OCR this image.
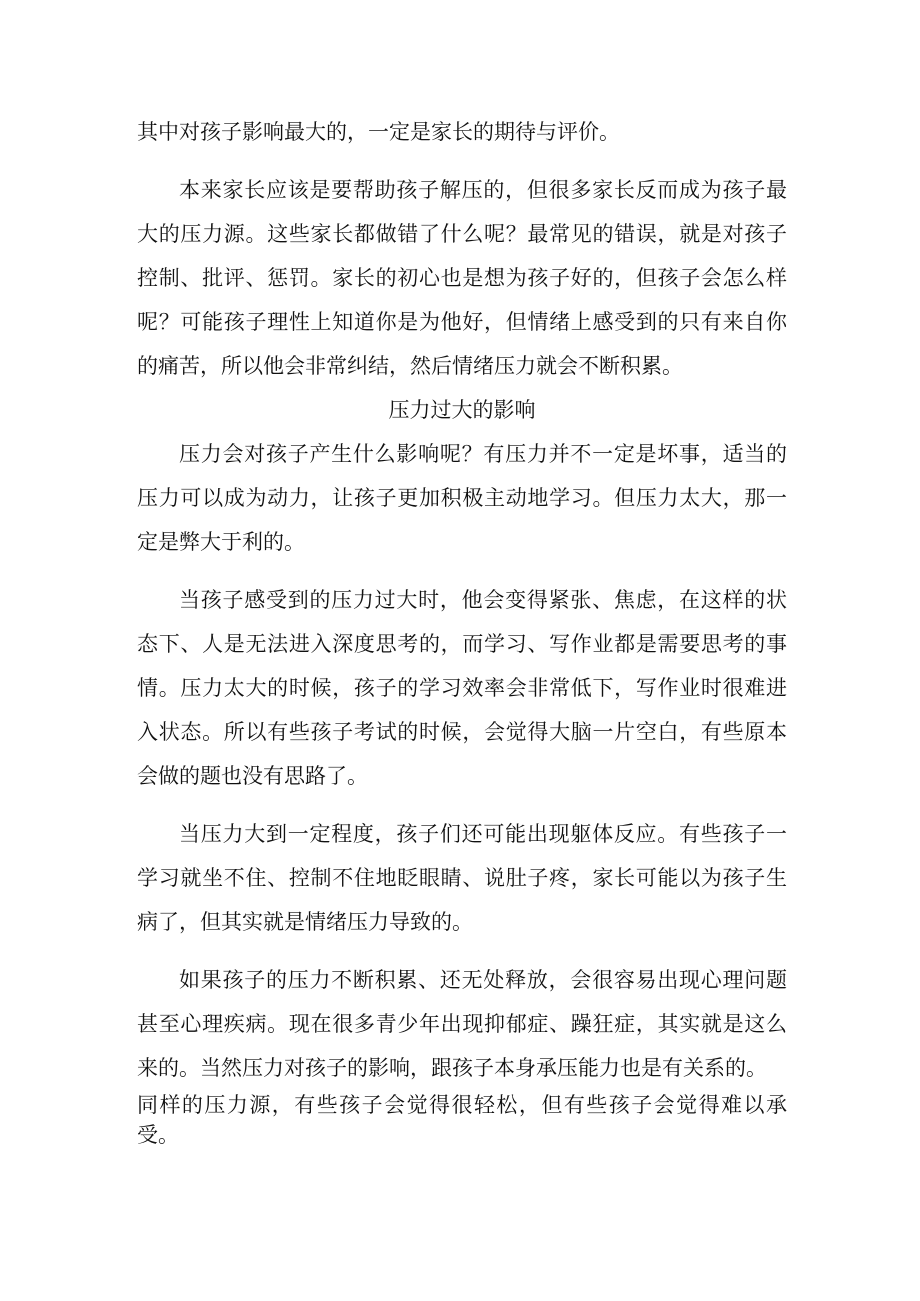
其中对孩子影响最大的，一定是家长的期待与评价。

本来家长应该是要帮助孩子解压的，但很多家长反而成为孩子最大的压力源。这些家长都做错了什么呢？最常见的错误，就是对孩子控制、批评、惩罚。家长的初心也是想为孩子好的，但孩子会怎么样呢？可能孩子理性上知道你是为他好，但情绪上感受到的只有来自你的痛苦，所以他会非常纠结，然后情绪压力就会不断积累。

压力过大的影响

压力会对孩子产生什么影响呢？有压力并不一定是坏事，适当的压力可以成为动力，让孩子更加积极主动地学习。但压力太大，那一定是弊大于利的。

当孩子感受到的压力过大时，他会变得紧张、焦虑，在这样的状态下、人是无法进入深度思考的，而学习、写作业都是需要思考的事情。压力太大的时候，孩子的学习效率会非常低下，写作业时很难进入状态。所以有些孩子考试的时候，会觉得大脑一片空白，有些原本会做的题也没有思路了。

当压力大到一定程度，孩子们还可能出现躯体反应。有些孩子一学习就坐不住、控制不住地眨眼睛、说肚子疼，家长可能以为孩子生病了，但其实就是情绪压力导致的。

如果孩子的压力不断积累、还无处释放，会很容易出现心理问题甚至心理疾病。现在很多青少年出现抑郁症、躁狂症，其实就是这么来的。当然压力对孩子的影响，跟孩子本身承压能力也是有关系的。

同样的压力源，有些孩子会觉得很轻松，但有些孩子会觉得难以承受。
